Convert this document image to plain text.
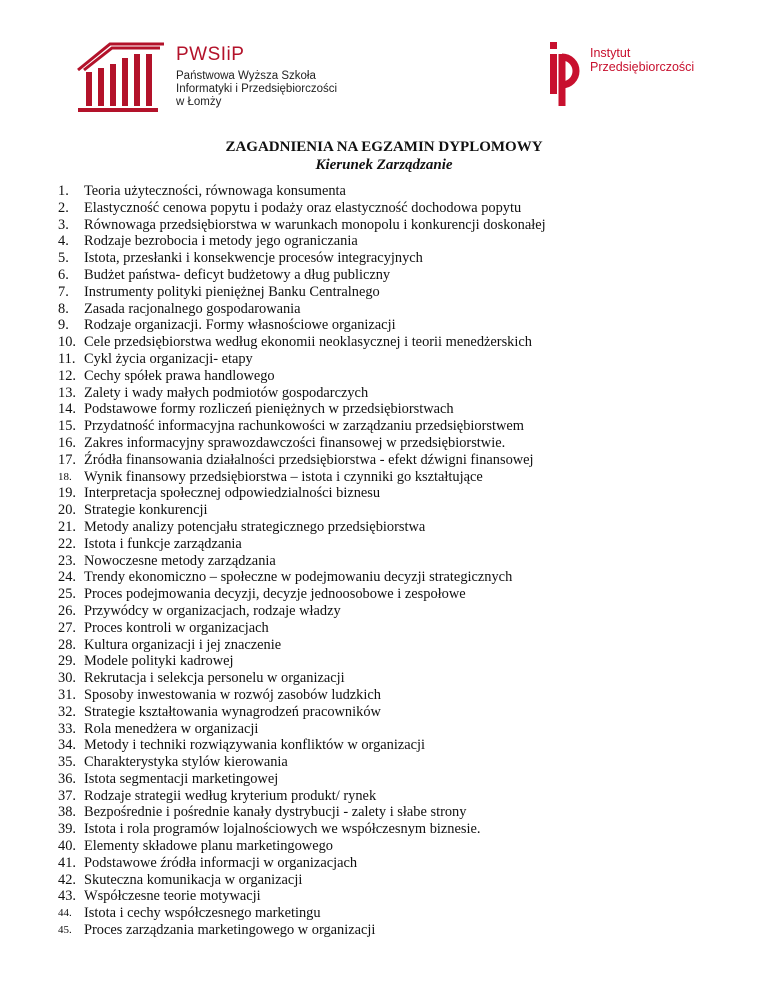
PWSIiP
Państwowa Wyższa Szkoła
Informatyki i Przedsiębiorczości
w Łomży
Instytut
Przedsiębiorczości
ZAGADNIENIA NA EGZAMIN DYPLOMOWY
Kierunek Zarządzanie
1.	Teoria użyteczności, równowaga konsumenta
2.	Elastyczność cenowa popytu i podaży oraz elastyczność dochodowa popytu
3.	Równowaga przedsiębiorstwa w warunkach monopolu i konkurencji doskonałej
4.	Rodzaje bezrobocia i metody jego ograniczania
5.	Istota, przesłanki i konsekwencje procesów integracyjnych
6.	Budżet państwa- deficyt budżetowy a dług publiczny
7.	Instrumenty polityki pieniężnej Banku Centralnego
8.	Zasada racjonalnego gospodarowania
9.	Rodzaje organizacji. Formy własnościowe organizacji
10. Cele przedsiębiorstwa według ekonomii neoklasycznej i teorii menedżerskich
11. Cykl życia organizacji- etapy
12. Cechy spółek prawa handlowego
13. Zalety i wady małych podmiotów gospodarczych
14. Podstawowe formy rozliczeń pieniężnych w przedsiębiorstwach
15. Przydatność informacyjna rachunkowości w zarządzaniu przedsiębiorstwem
16. Zakres informacyjny sprawozdawczości finansowej w przedsiębiorstwie.
17. Źródła finansowania działalności przedsiębiorstwa - efekt dźwigni finansowej
18. Wynik finansowy przedsiębiorstwa – istota i czynniki go kształtujące
19. Interpretacja społecznej odpowiedzialności biznesu
20. Strategie konkurencji
21. Metody analizy potencjału strategicznego przedsiębiorstwa
22. Istota i funkcje zarządzania
23. Nowoczesne metody zarządzania
24. Trendy ekonomiczno – społeczne w podejmowaniu decyzji strategicznych
25. Proces podejmowania decyzji, decyzje jednoosobowe i zespołowe
26. Przywódcy w organizacjach, rodzaje władzy
27. Proces kontroli w organizacjach
28. Kultura organizacji i jej znaczenie
29. Modele polityki kadrowej
30. Rekrutacja i selekcja personelu w organizacji
31. Sposoby inwestowania w rozwój zasobów ludzkich
32. Strategie kształtowania wynagrodzeń pracowników
33. Rola menedżera w organizacji
34. Metody i techniki rozwiązywania konfliktów w organizacji
35. Charakterystyka stylów kierowania
36. Istota segmentacji marketingowej
37. Rodzaje strategii według kryterium produkt/ rynek
38. Bezpośrednie i pośrednie kanały dystrybucji - zalety i słabe strony
39. Istota i rola programów lojalnościowych we współczesnym biznesie.
40. Elementy składowe planu marketingowego
41. Podstawowe źródła informacji w organizacjach
42. Skuteczna komunikacja w organizacji
43. Współczesne teorie motywacji
44. Istota i cechy współczesnego marketingu
45. Proces zarządzania marketingowego w organizacji
